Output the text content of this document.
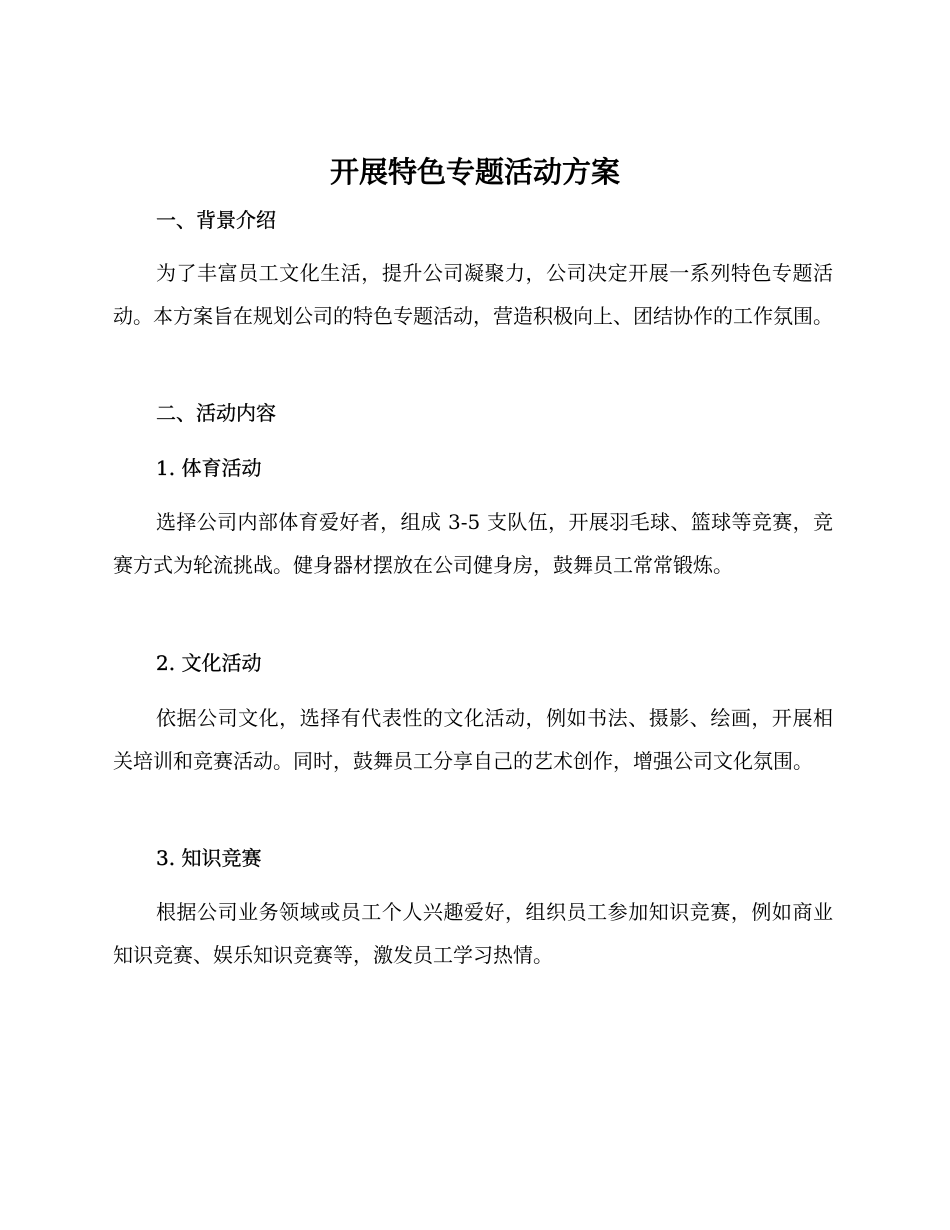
开展特色专题活动方案
一、背景介绍

为了丰富员工文化生活，提升公司凝聚力，公司决定开展一系列特色专题活动。本方案旨在规划公司的特色专题活动，营造积极向上、团结协作的工作氛围。

二、活动内容
1. 体育活动

选择公司内部体育爱好者，组成 3-5 支队伍，开展羽毛球、篮球等竞赛，竞赛方式为轮流挑战。健身器材摆放在公司健身房，鼓舞员工常常锻炼。

2. 文化活动

依据公司文化，选择有代表性的文化活动，例如书法、摄影、绘画，开展相关培训和竞赛活动。同时，鼓舞员工分享自己的艺术创作，增强公司文化氛围。

3. 知识竞赛

根据公司业务领域或员工个人兴趣爱好，组织员工参加知识竞赛，例如商业知识竞赛、娱乐知识竞赛等，激发员工学习热情。
